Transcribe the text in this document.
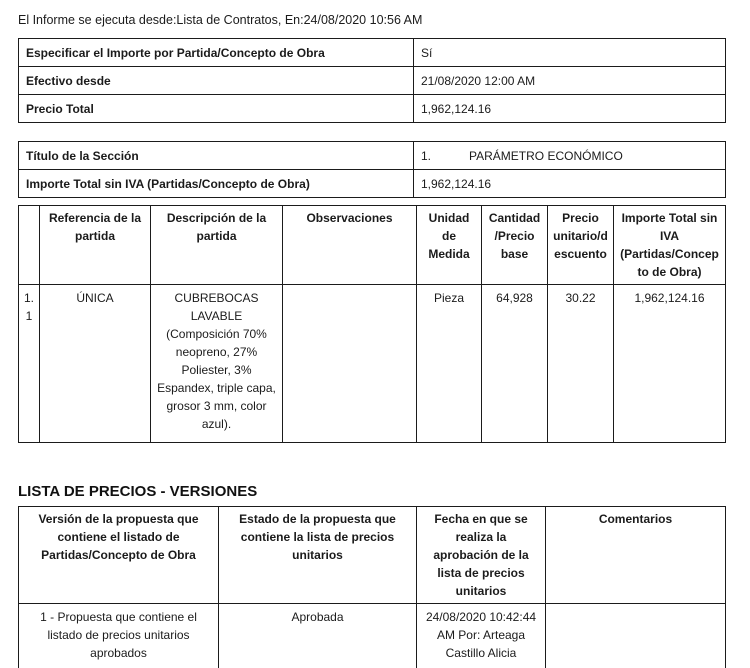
El Informe se ejecuta desde:Lista de Contratos, En:24/08/2020 10:56 AM
Especificar el Importe por Partida/Concepto de Obra	Sí
Efectivo desde	21/08/2020 12:00 AM
Precio Total	1,962,124.16
Título de la Sección	1. PARÁMETRO ECONÓMICO
Importe Total sin IVA (Partidas/Concepto de Obra)	1,962,124.16
	Referencia de la partida	Descripción de la partida	Observaciones	Unidad de Medida	Cantidad /Precio base	Precio unitario/descuento	Importe Total sin IVA (Partidas/Concepto de Obra)
1.1	ÚNICA	CUBREBOCAS LAVABLE (Composición 70% neopreno, 27% Poliester, 3% Espandex, triple capa, grosor 3 mm, color azul).		Pieza	64,928	30.22	1,962,124.16
LISTA DE PRECIOS - VERSIONES
Versión de la propuesta que contiene el listado de Partidas/Concepto de Obra	Estado de la propuesta que contiene la lista de precios unitarios	Fecha en que se realiza la aprobación de la lista de precios unitarios	Comentarios
1 - Propuesta que contiene el listado de precios unitarios aprobados	Aprobada	24/08/2020 10:42:44 AM Por: Arteaga Castillo Alicia	
